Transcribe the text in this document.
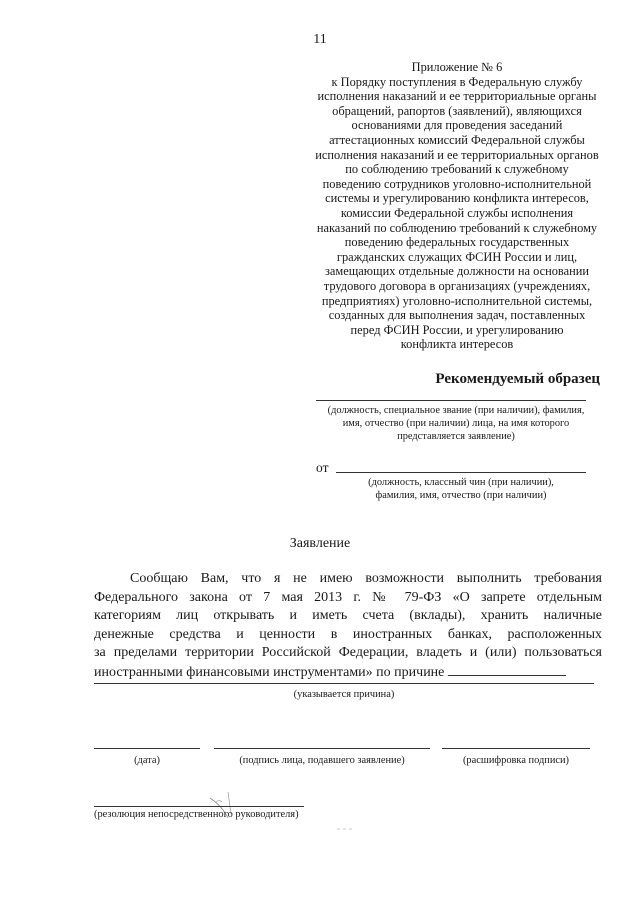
11
Приложение № 6
к Порядку поступления в Федеральную службу
исполнения наказаний и ее территориальные органы
обращений, рапортов (заявлений), являющихся
основаниями для проведения заседаний
аттестационных комиссий Федеральной службы
исполнения наказаний и ее территориальных органов
по соблюдению требований к служебному
поведению сотрудников уголовно-исполнительной
системы и урегулированию конфликта интересов,
комиссии Федеральной службы исполнения
наказаний по соблюдению требований к служебному
поведению федеральных государственных
гражданских служащих ФСИН России и лиц,
замещающих отдельные должности на основании
трудового договора в организациях (учреждениях,
предприятиях) уголовно-исполнительной системы,
созданных для выполнения задач, поставленных
перед ФСИН России, и урегулированию
конфликта интересов
Рекомендуемый образец
(должность, специальное звание (при наличии), фамилия,
имя, отчество (при наличии) лица, на имя которого
представляется заявление)
от
(должность, классный чин (при наличии),
фамилия, имя, отчество (при наличии)
Заявление
Сообщаю Вам, что я не имею возможности выполнить требования
Федерального закона от 7 мая 2013 г. № 79-ФЗ «О запрете отдельным
категориям лиц открывать и иметь счета (вклады), хранить наличные
денежные средства и ценности в иностранных банках, расположенных
за пределами территории Российской Федерации, владеть и (или) пользоваться
иностранными финансовыми инструментами» по причине
(указывается причина)
(дата)	(подпись лица, подавшего заявление)	(расшифровка подписи)
(резолюция непосредственного руководителя)
